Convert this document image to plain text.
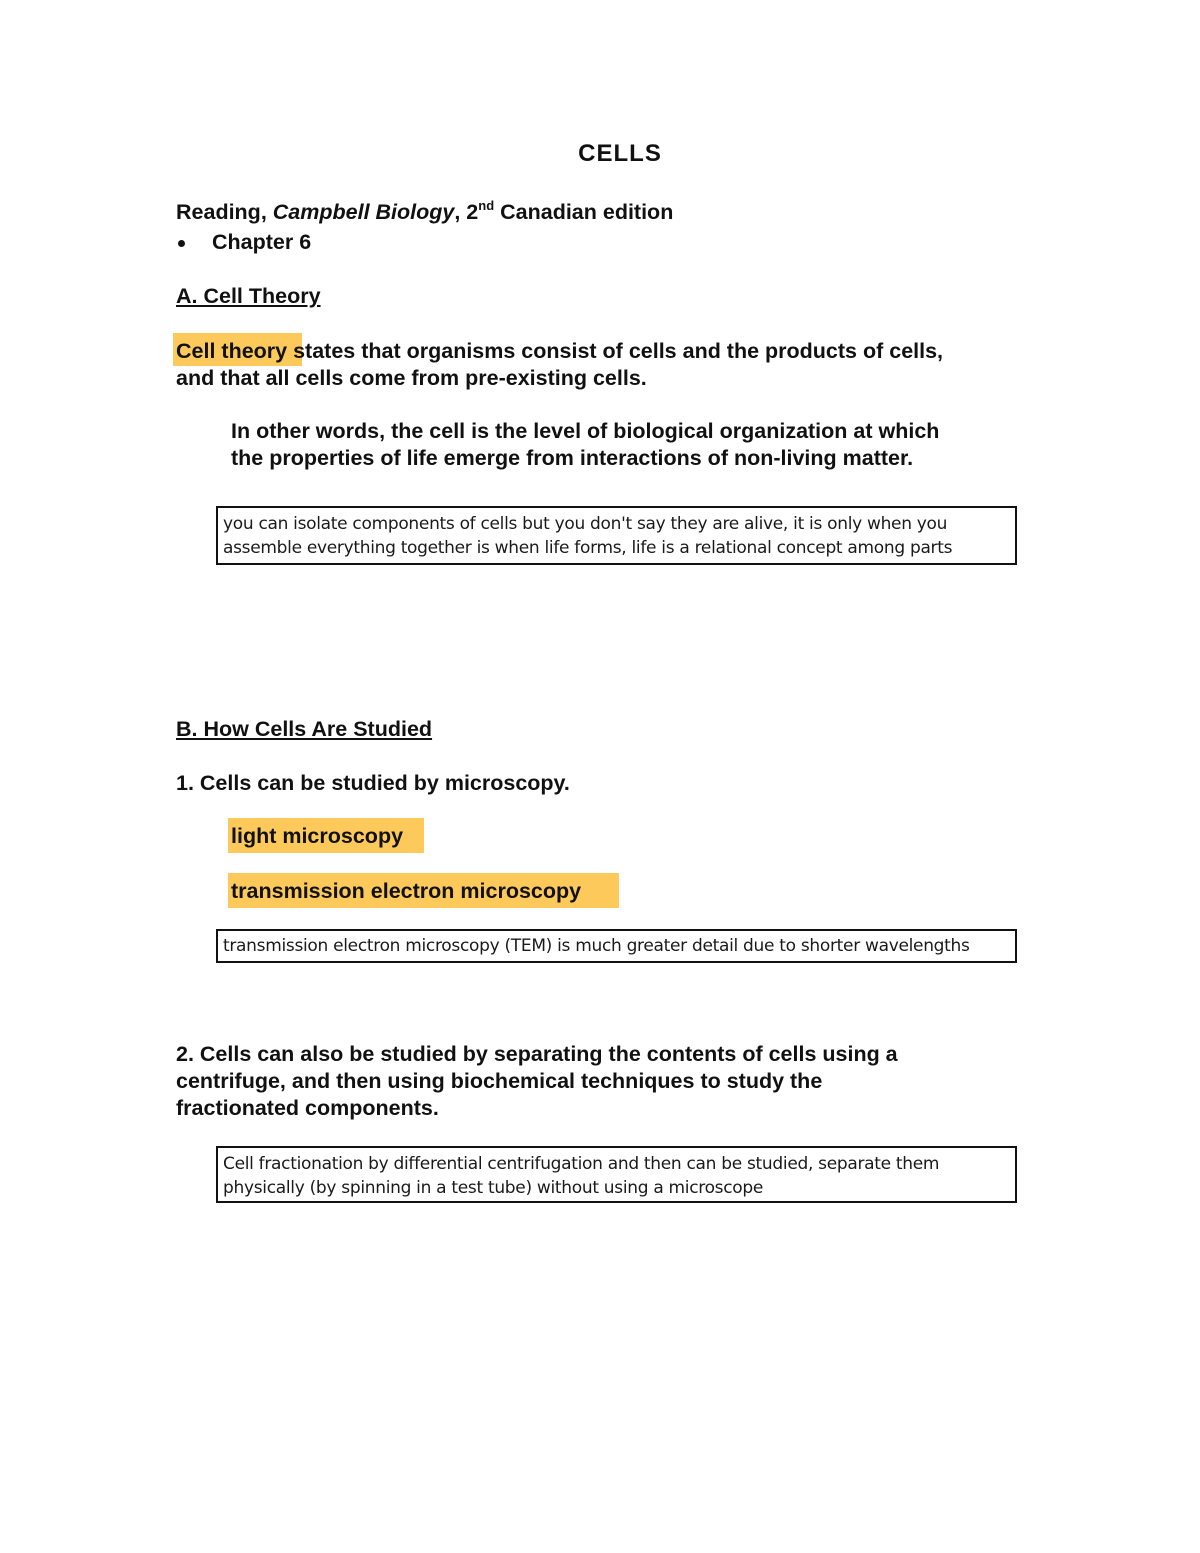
CELLS
Reading, Campbell Biology, 2nd Canadian edition
Chapter 6
A. Cell Theory
Cell theory states that organisms consist of cells and the products of cells,
and that all cells come from pre-existing cells.
In other words, the cell is the level of biological organization at which
the properties of life emerge from interactions of non-living matter.
you can isolate components of cells but you don't say they are alive, it is only when you
assemble everything together is when life forms, life is a relational concept among parts
B. How Cells Are Studied
1. Cells can be studied by microscopy.
light microscopy
transmission electron microscopy
transmission electron microscopy (TEM) is much greater detail due to shorter wavelengths
2. Cells can also be studied by separating the contents of cells using a
centrifuge, and then using biochemical techniques to study the
fractionated components.
Cell fractionation by differential centrifugation and then can be studied, separate them
physically (by spinning in a test tube) without using a microscope
